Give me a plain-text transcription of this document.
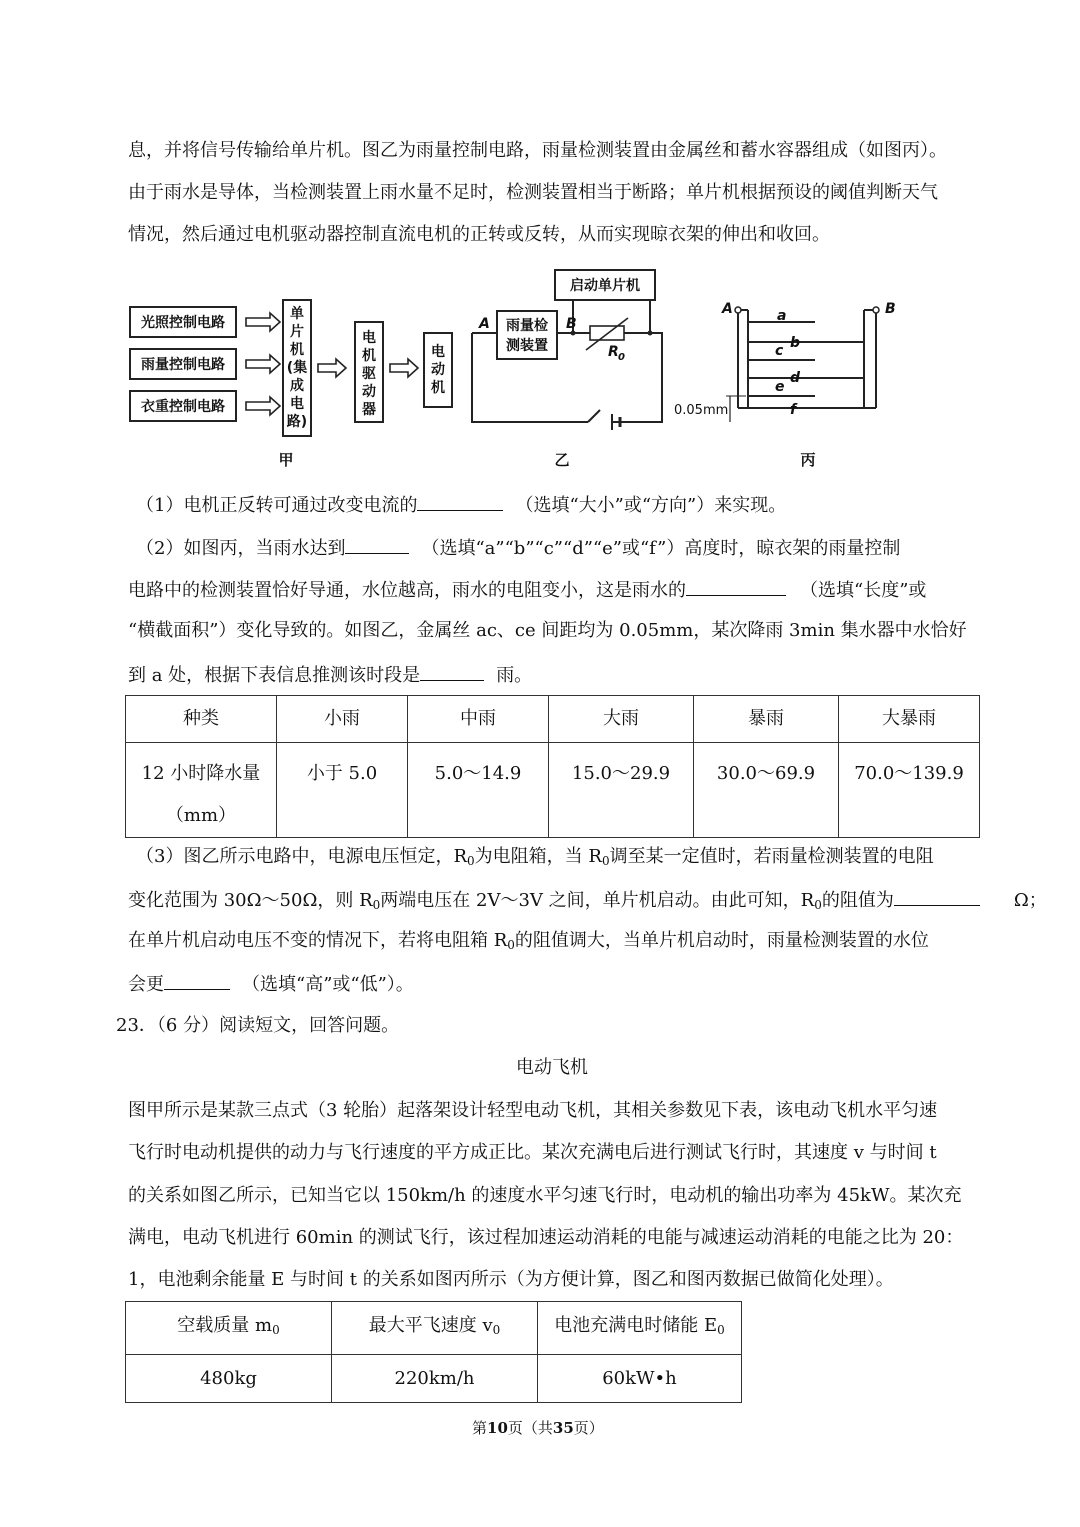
息，并将信号传输给单片机。图乙为雨量控制电路，雨量检测装置由金属丝和蓄水容器组成（如图丙）。
由于雨水是导体，当检测装置上雨水量不足时，检测装置相当于断路；单片机根据预设的阈值判断天气
情况，然后通过电机驱动器控制直流电机的正转或反转，从而实现晾衣架的伸出和收回。
光照控制电路
雨量控制电路
衣重控制电路
启动单片机
单
片
机
(集
成
电
路)
电
机
驱
动
器
电
动
机
雨量检
测装置
A	B
R 0
A	B
a
b
c
d
e
f
0.05mm
甲	乙	丙
（1）电机正反转可通过改变电流的	（选填“大小”或“方向”）来实现。
（2）如图丙，当雨水达到	（选填“a”“b”“c”“d”“e”或“f”）高度时，晾衣架的雨量控制
电路中的检测装置恰好导通，水位越高，雨水的电阻变小，这是雨水的	（选填“长度”或
“横截面积”）变化导致的。如图乙，金属丝 ac、ce 间距均为 0.05mm，某次降雨 3min 集水器中水恰好
到 a 处，根据下表信息推测该时段是	雨。
种类	小雨	中雨	大雨	暴雨	大暴雨

12 小时降水量
（mm）	小于 5.0	5.0～14.9	15.0～29.9	30.0～69.9	70.0～139.9
（3）图乙所示电路中，电源电压恒定，$R_0$为电阻箱，当 $R_0$调至某一定值时，若雨量检测装置的电阻
变化范围为 30Ω～50Ω，则 $R_0$两端电压在 2V～3V 之间，单片机启动。由此可知，$R_0$的阻值为	Ω；
在单片机启动电压不变的情况下，若将电阻箱 $R_0$的阻值调大，当单片机启动时，雨量检测装置的水位
会更	（选填“高”或“低”）。
23．（6 分）阅读短文，回答问题。
电动飞机
图甲所示是某款三点式（3 轮胎）起落架设计轻型电动飞机，其相关参数见下表，该电动飞机水平匀速
飞行时电动机提供的动力与飞行速度的平方成正比。某次充满电后进行测试飞行时，其速度 v 与时间 t
的关系如图乙所示，已知当它以 150km/h 的速度水平匀速飞行时，电动机的输出功率为 45kW。某次充
满电，电动飞机进行 60min 的测试飞行，该过程加速运动消耗的电能与减速运动消耗的电能之比为 20：
1，电池剩余能量 E 与时间 t 的关系如图丙所示（为方便计算，图乙和图丙数据已做简化处理）。
空载质量 $m_0$	最大平飞速度 $v_0$	电池充满电时储能 $E_0$
480kg	220km/h	60kW•h
第10页（共35页）
